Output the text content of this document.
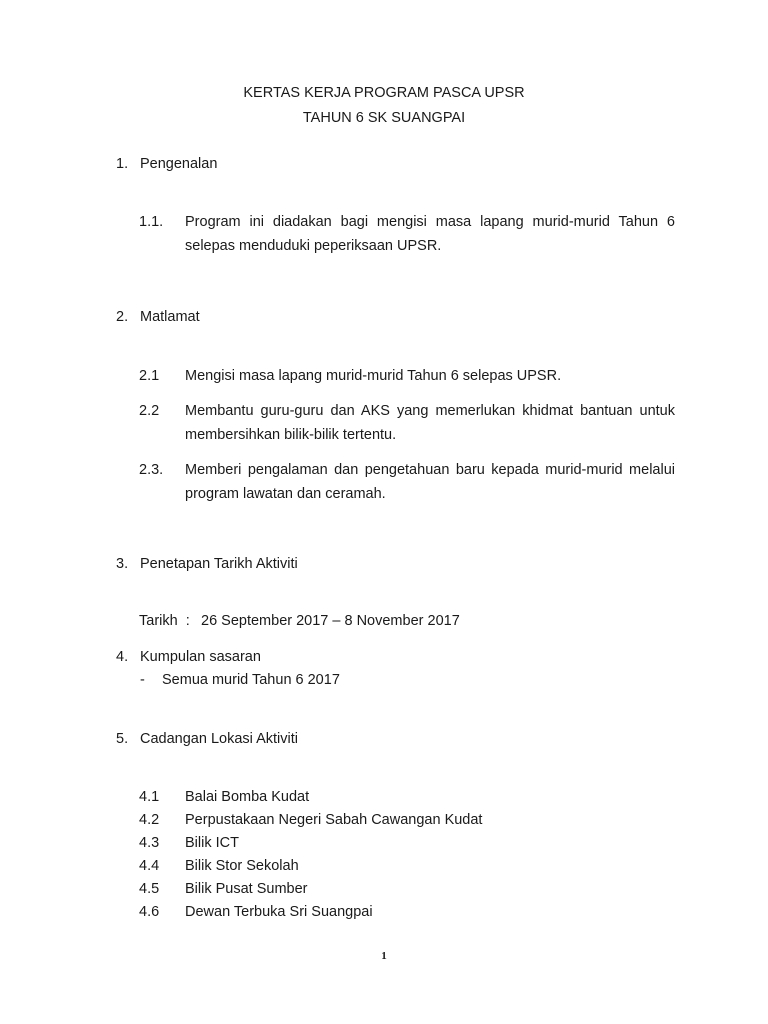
KERTAS KERJA PROGRAM PASCA UPSR
TAHUN 6 SK SUANGPAI
1. Pengenalan
1.1. Program ini diadakan bagi mengisi masa lapang murid-murid Tahun 6
selepas menduduki peperiksaan UPSR.
2. Matlamat
2.1 Mengisi masa lapang murid-murid Tahun 6 selepas UPSR.
2.2 Membantu guru-guru dan AKS yang memerlukan khidmat bantuan untuk
membersihkan bilik-bilik tertentu.
2.3. Memberi pengalaman dan pengetahuan baru kepada murid-murid melalui
program lawatan dan ceramah.
3. Penetapan Tarikh Aktiviti
Tarikh  : 26 September 2017 – 8 November 2017
4. Kumpulan sasaran
- Semua murid Tahun 6 2017
5. Cadangan Lokasi Aktiviti
4.1 Balai Bomba Kudat
4.2 Perpustakaan Negeri Sabah Cawangan Kudat
4.3 Bilik ICT
4.4 Bilik Stor Sekolah
4.5 Bilik Pusat Sumber
4.6 Dewan Terbuka Sri Suangpai
1
